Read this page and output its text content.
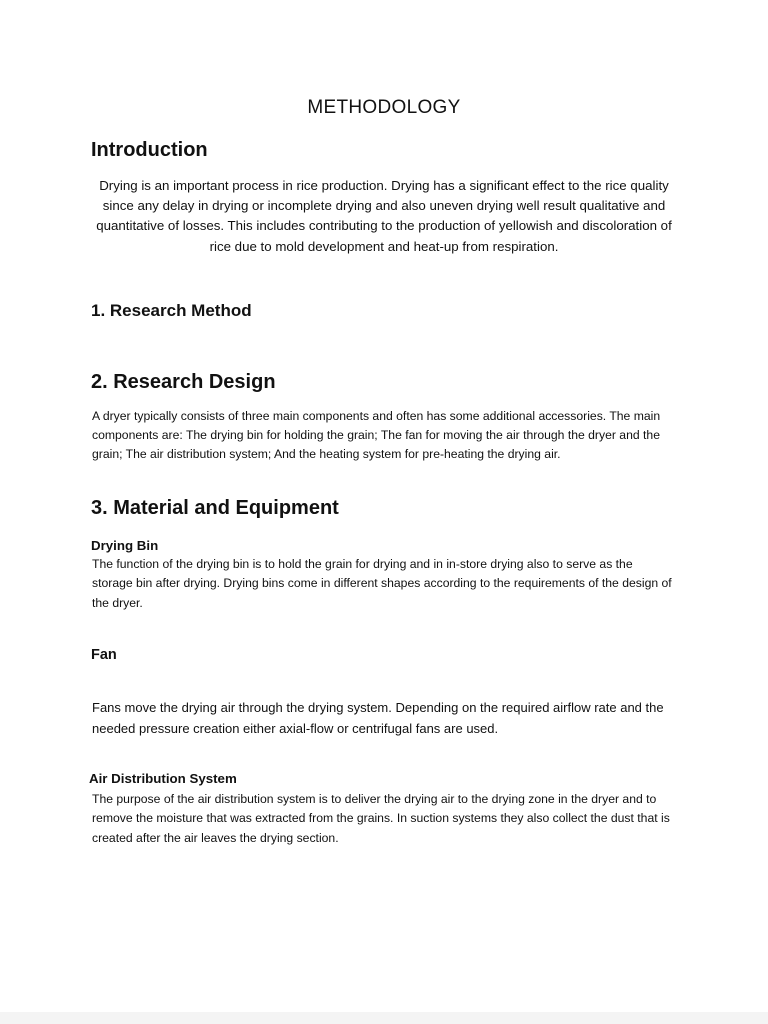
METHODOLOGY
Introduction
Drying is an important process in rice production. Drying has a significant effect to the rice quality since any delay in drying or incomplete drying and also uneven drying well result qualitative and quantitative of losses. This includes contributing to the production of yellowish and discoloration of rice due to mold development and heat-up from respiration.
1. Research Method
2. Research Design
A dryer typically consists of three main components and often has some additional accessories. The main components are: The drying bin for holding the grain; The fan for moving the air through the dryer and the grain; The air distribution system; And the heating system for pre-heating the drying air.
3. Material and Equipment
Drying Bin
The function of the drying bin is to hold the grain for drying and in in-store drying also to serve as the storage bin after drying. Drying bins come in different shapes according to the requirements of the design of the dryer.
Fan
Fans move the drying air through the drying system. Depending on the required airflow rate and the needed pressure creation either axial-flow or centrifugal fans are used.
Air Distribution System
The purpose of the air distribution system is to deliver the drying air to the drying zone in the dryer and to remove the moisture that was extracted from the grains. In suction systems they also collect the dust that is created after the air leaves the drying section.
